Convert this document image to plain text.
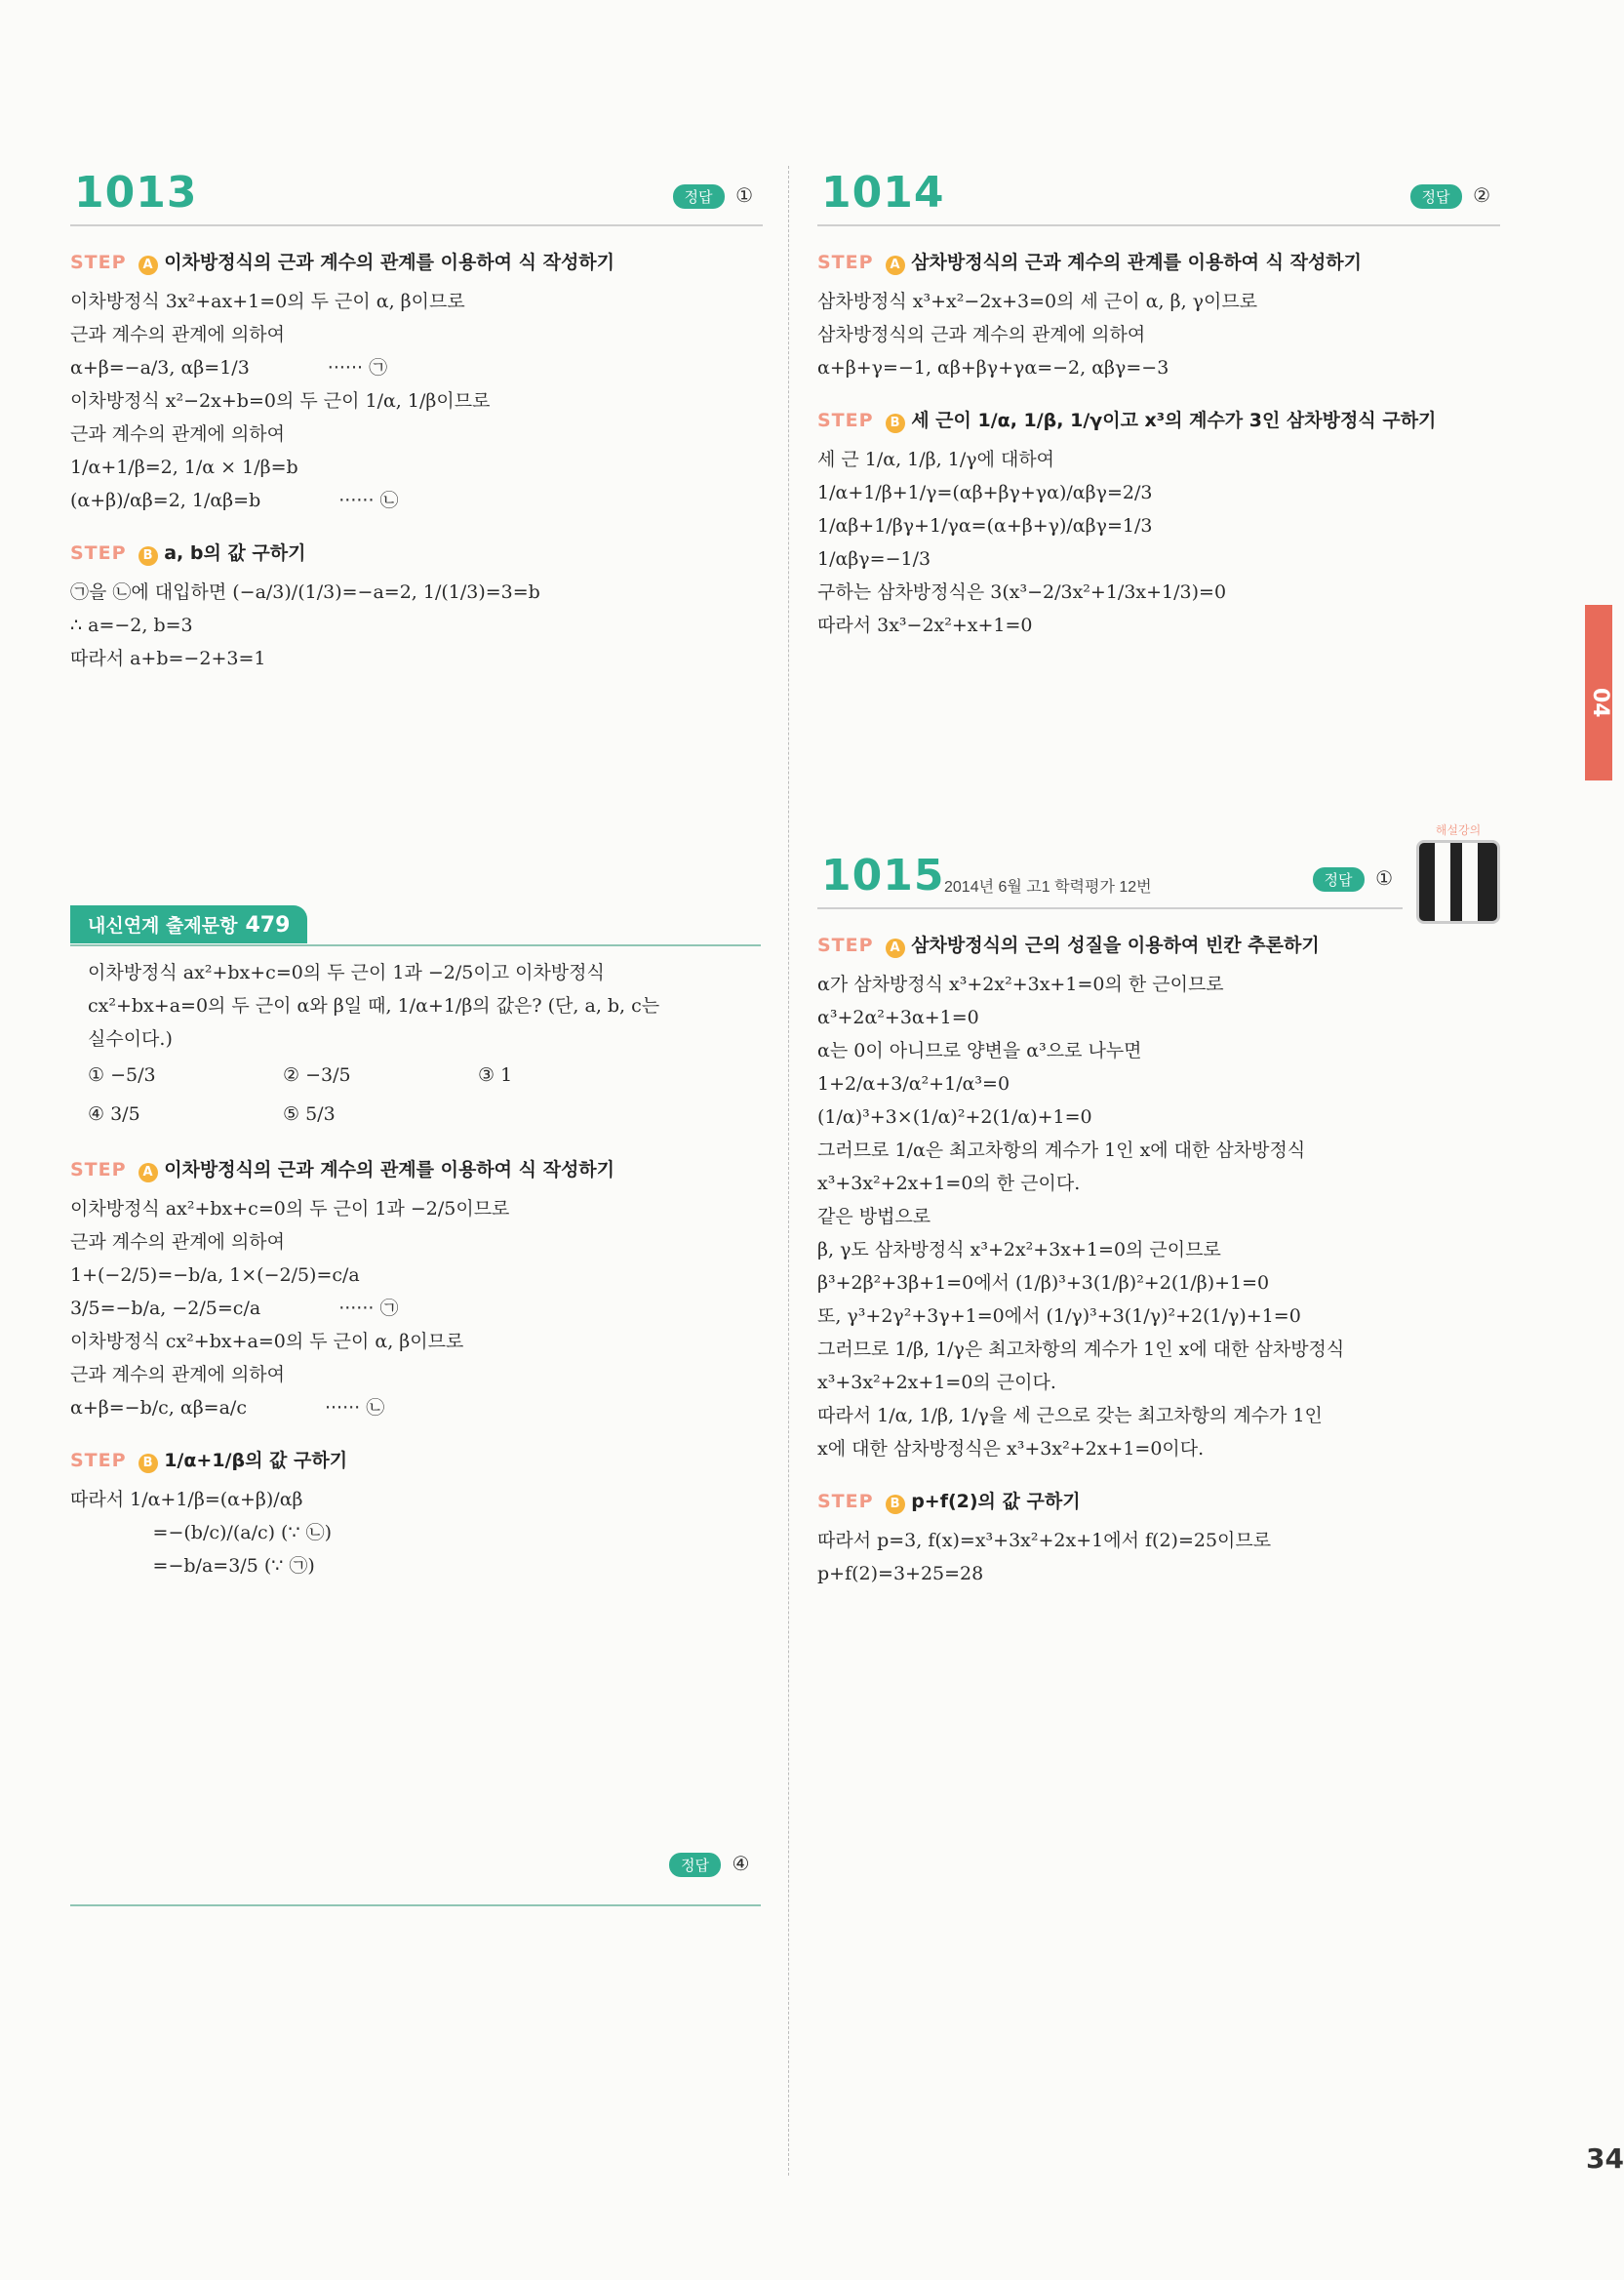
1013	정답 ①
STEP A 이차방정식의 근과 계수의 관계를 이용하여 식 작성하기
이차방정식 3x²+ax+1=0의 두 근이 α, β이므로
근과 계수의 관계에 의하여
α+β=−a/3, αβ=1/3	······ ㉠
이차방정식 x²−2x+b=0의 두 근이 1/α, 1/β이므로
근과 계수의 관계에 의하여
1/α+1/β=2, 1/α × 1/β=b
(α+β)/αβ=2, 1/αβ=b	······ ㉡
STEP B a, b의 값 구하기
㉠을 ㉡에 대입하면 (−a/3)/(1/3)=−a=2, 1/(1/3)=3=b
∴ a=−2, b=3
따라서 a+b=−2+3=1
내신연계 출제문항 479
이차방정식 ax²+bx+c=0의 두 근이 1과 −2/5이고 이차방정식
cx²+bx+a=0의 두 근이 α와 β일 때, 1/α+1/β의 값은? (단, a, b, c는
실수이다.)
① −5/3	② −3/5	③ 1
④ 3/5	⑤ 5/3
STEP A 이차방정식의 근과 계수의 관계를 이용하여 식 작성하기
이차방정식 ax²+bx+c=0의 두 근이 1과 −2/5이므로
근과 계수의 관계에 의하여
1+(−2/5)=−b/a, 1×(−2/5)=c/a
3/5=−b/a, −2/5=c/a	······ ㉠
이차방정식 cx²+bx+a=0의 두 근이 α, β이므로
근과 계수의 관계에 의하여
α+β=−b/c, αβ=a/c	······ ㉡
STEP B 1/α+1/β의 값 구하기
따라서 1/α+1/β=(α+β)/αβ
=−(b/c)/(a/c) (∵ ㉡)
=−b/a=3/5 (∵ ㉠)
정답 ④
1014	정답 ②
STEP A 삼차방정식의 근과 계수의 관계를 이용하여 식 작성하기
삼차방정식 x³+x²−2x+3=0의 세 근이 α, β, γ이므로
삼차방정식의 근과 계수의 관계에 의하여
α+β+γ=−1, αβ+βγ+γα=−2, αβγ=−3
STEP B 세 근이 1/α, 1/β, 1/γ이고 x³의 계수가 3인 삼차방정식 구하기
세 근 1/α, 1/β, 1/γ에 대하여
1/α+1/β+1/γ=(αβ+βγ+γα)/αβγ=2/3
1/αβ+1/βγ+1/γα=(α+β+γ)/αβγ=1/3
1/αβγ=−1/3
구하는 삼차방정식은 3(x³−2/3x²+1/3x+1/3)=0
따라서 3x³−2x²+x+1=0
1015 2014년 6월 고1 학력평가 12번	정답 ①
STEP A 삼차방정식의 근의 성질을 이용하여 빈칸 추론하기
α가 삼차방정식 x³+2x²+3x+1=0의 한 근이므로
α³+2α²+3α+1=0
α는 0이 아니므로 양변을 α³으로 나누면
1+2/α+3/α²+1/α³=0
(1/α)³+3×(1/α)²+2(1/α)+1=0
그러므로 1/α은 최고차항의 계수가 1인 x에 대한 삼차방정식
x³+3x²+2x+1=0의 한 근이다.
같은 방법으로
β, γ도 삼차방정식 x³+2x²+3x+1=0의 근이므로
β³+2β²+3β+1=0에서 (1/β)³+3(1/β)²+2(1/β)+1=0
또, γ³+2γ²+3γ+1=0에서 (1/γ)³+3(1/γ)²+2(1/γ)+1=0
그러므로 1/β, 1/γ은 최고차항의 계수가 1인 x에 대한 삼차방정식
x³+3x²+2x+1=0의 근이다.
따라서 1/α, 1/β, 1/γ을 세 근으로 갖는 최고차항의 계수가 1인
x에 대한 삼차방정식은 x³+3x²+2x+1=0이다.
STEP B p+f(2)의 값 구하기
따라서 p=3, f(x)=x³+3x²+2x+1에서 f(2)=25이므로
p+f(2)=3+25=28
해설강의
04
34
